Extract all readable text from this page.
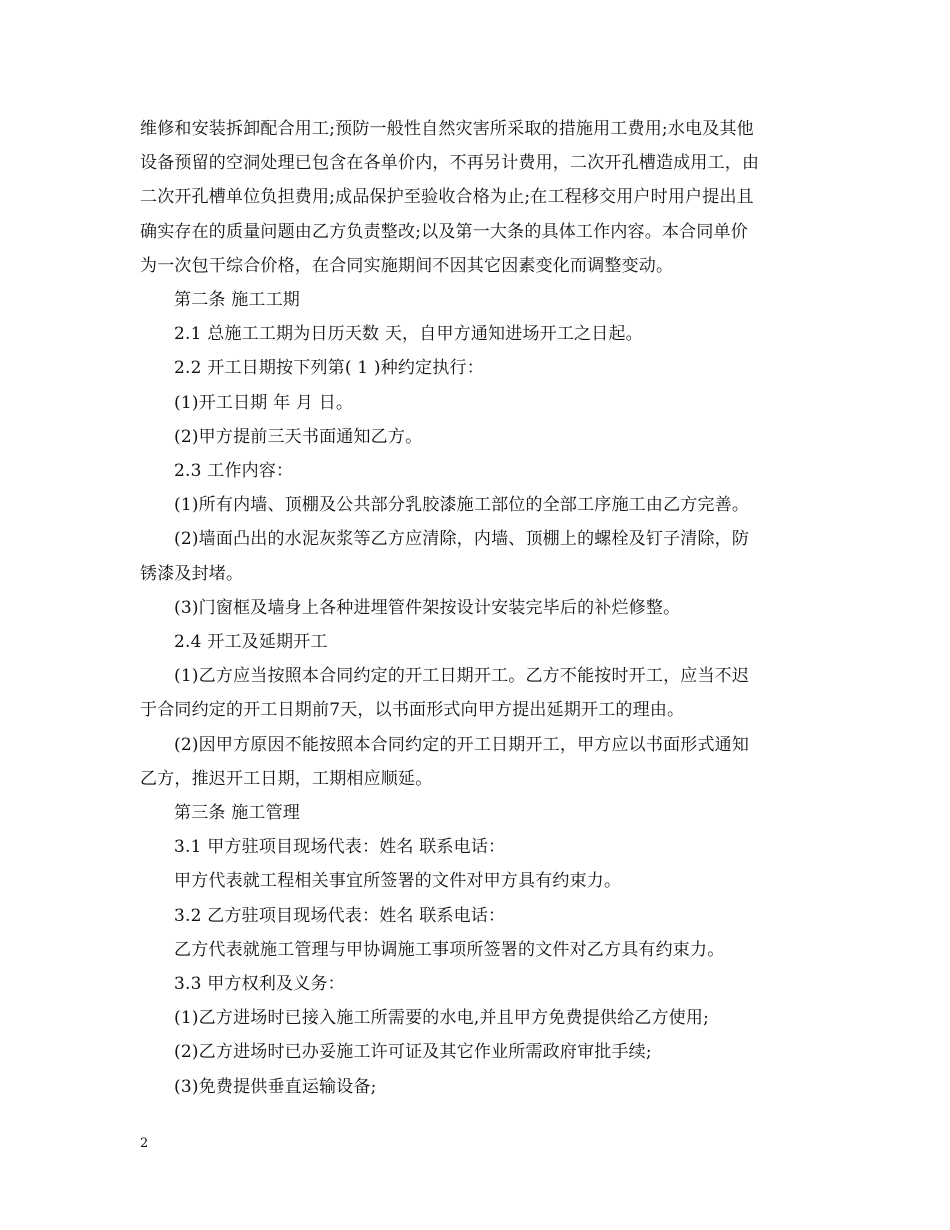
维修和安装拆卸配合用工;预防一般性自然灾害所采取的措施用工费用;水电及其他
设备预留的空洞处理已包含在各单价内，不再另计费用，二次开孔槽造成用工，由
二次开孔槽单位负担费用;成品保护至验收合格为止;在工程移交用户时用户提出且
确实存在的质量问题由乙方负责整改;以及第一大条的具体工作内容。本合同单价
为一次包干综合价格，在合同实施期间不因其它因素变化而调整变动。

第二条 施工工期

2.1 总施工工期为日历天数 天，自甲方通知进场开工之日起。

2.2 开工日期按下列第( 1 )种约定执行：

(1)开工日期 年 月 日。

(2)甲方提前三天书面通知乙方。

2.3 工作内容：

(1)所有内墙、顶棚及公共部分乳胶漆施工部位的全部工序施工由乙方完善。

(2)墙面凸出的水泥灰浆等乙方应清除，内墙、顶棚上的螺栓及钉子清除，防
锈漆及封堵。

(3)门窗框及墙身上各种进埋管件架按设计安装完毕后的补烂修整。

2.4 开工及延期开工

(1)乙方应当按照本合同约定的开工日期开工。乙方不能按时开工，应当不迟
于合同约定的开工日期前7天，以书面形式向甲方提出延期开工的理由。

(2)因甲方原因不能按照本合同约定的开工日期开工，甲方应以书面形式通知
乙方，推迟开工日期，工期相应顺延。

第三条 施工管理

3.1 甲方驻项目现场代表：姓名 联系电话：

甲方代表就工程相关事宜所签署的文件对甲方具有约束力。

3.2 乙方驻项目现场代表：姓名 联系电话：

乙方代表就施工管理与甲协调施工事项所签署的文件对乙方具有约束力。

3.3 甲方权利及义务：

(1)乙方进场时已接入施工所需要的水电,并且甲方免费提供给乙方使用;

(2)乙方进场时已办妥施工许可证及其它作业所需政府审批手续;

(3)免费提供垂直运输设备;

2
